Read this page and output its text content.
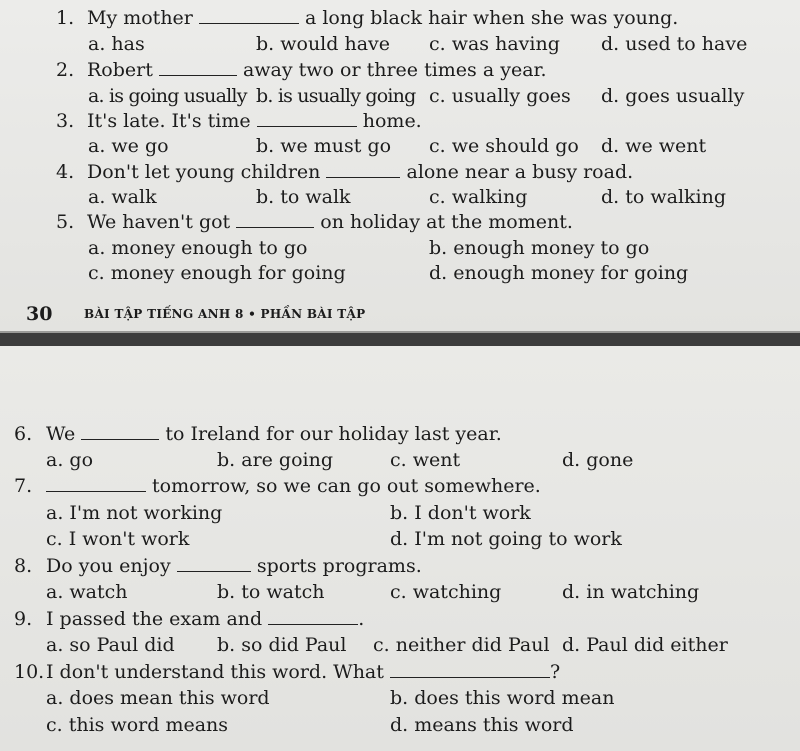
1. My mother	a long black hair when she was young.
a. has	b. would have c. was having d. used to have
2. Robert	away two or three times a year.
a. is going usually b. is usually going c. usually goes d. goes usually
3. It's late. It's time	home.
a. we go	b. we must go c. we should go d. we went
4. Don't let young children	alone near a busy road.
a. walk	b. to walk	c. walking	d. to walking
5. We haven't got	on holiday at the moment.
a. money enough to go	b. enough money to go
c. money enough for going	d. enough money for going
30	BÀI TẬP TIẾNG ANH 8 • PHẦN BÀI TẬP
6. We	to Ireland for our holiday last year.
a. go	b. are going	c. went	d. gone
7.	tomorrow, so we can go out somewhere.
a. I'm not working	b. I don't work
c. I won't work	d. I'm not going to work
8. Do you enjoy	sports programs.
a. watch	b. to watch	c. watching	d. in watching
9. I passed the exam and	.
a. so Paul did b. so did Paul c. neither did Paul d. Paul did either
10. I don't understand this word. What	?
a. does mean this word	b. does this word mean
c. this word means	d. means this word
